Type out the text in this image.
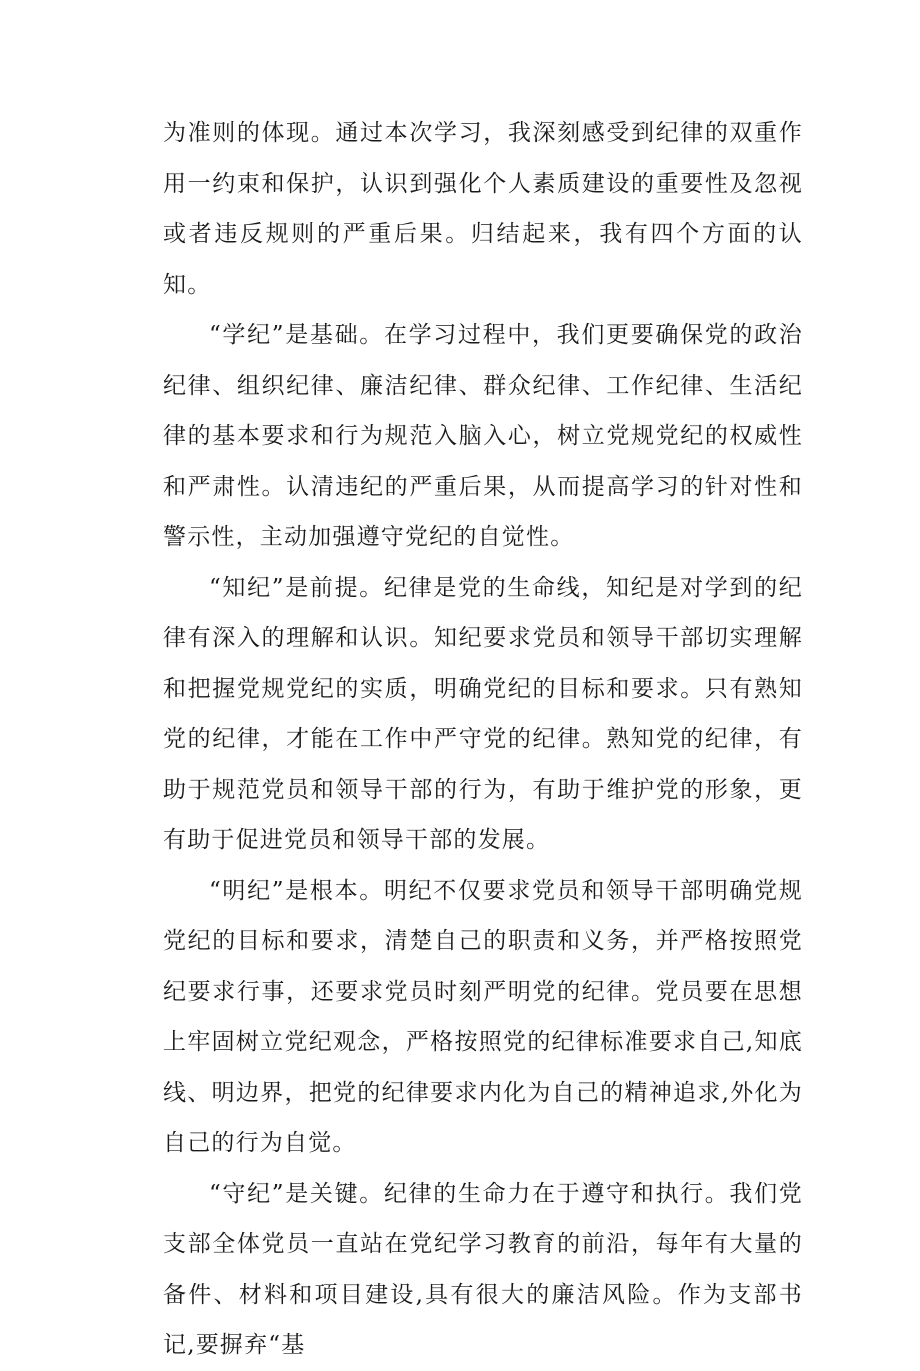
为准则的体现。通过本次学习，我深刻感受到纪律的双重作用一约束和保护，认识到强化个人素质建设的重要性及忽视或者违反规则的严重后果。归结起来，我有四个方面的认知。

“学纪”是基础。在学习过程中，我们更要确保党的政治纪律、组织纪律、廉洁纪律、群众纪律、工作纪律、生活纪律的基本要求和行为规范入脑入心，树立党规党纪的权威性和严肃性。认清违纪的严重后果，从而提高学习的针对性和警示性，主动加强遵守党纪的自觉性。

“知纪”是前提。纪律是党的生命线，知纪是对学到的纪律有深入的理解和认识。知纪要求党员和领导干部切实理解和把握党规党纪的实质，明确党纪的目标和要求。只有熟知党的纪律，才能在工作中严守党的纪律。熟知党的纪律，有助于规范党员和领导干部的行为，有助于维护党的形象，更有助于促进党员和领导干部的发展。

“明纪”是根本。明纪不仅要求党员和领导干部明确党规党纪的目标和要求，清楚自己的职责和义务，并严格按照党纪要求行事，还要求党员时刻严明党的纪律。党员要在思想上牢固树立党纪观念，严格按照党的纪律标准要求自己,知底线、明边界，把党的纪律要求内化为自己的精神追求,外化为自己的行为自觉。

“守纪”是关键。纪律的生命力在于遵守和执行。我们党支部全体党员一直站在党纪学习教育的前沿，每年有大量的备件、材料和项目建设,具有很大的廉洁风险。作为支部书记,要摒弃“基
